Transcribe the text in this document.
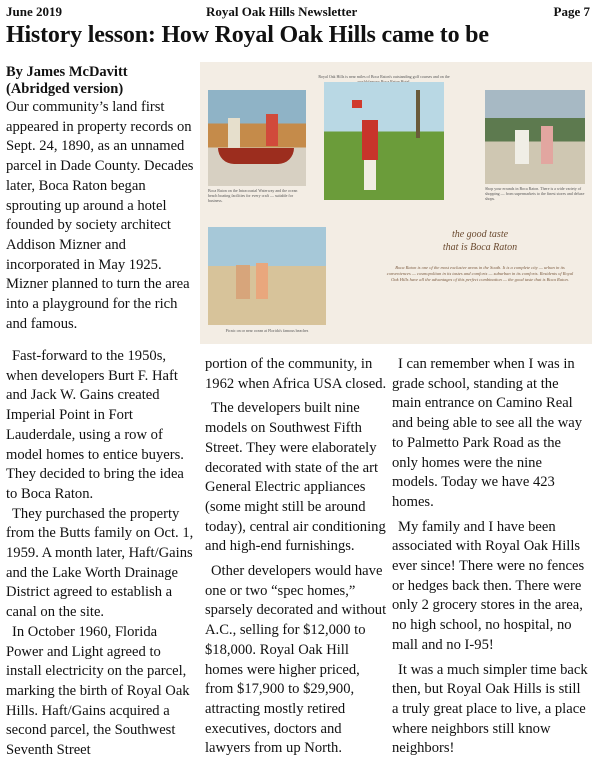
June 2019	Royal Oak Hills Newsletter	Page 7
History lesson: How Royal Oak Hills came to be
By James McDavitt
(Abridged version)
Boca Raton on the Intracoastal Waterway and the ocean beach boating facilities for every craft — suitable for business.
Royal Oak Hills is near miles of Boca Raton's outstanding golf courses and on the
Shop your errands in Boca Raton. There is a wide variety of shopping — from supermarkets to the finest stores and deluxe shops.
Picnic on or near ocean at Florida's famous beaches
the good taste
that is Boca Raton
Boca Raton is one of the most exclusive areas in the South. It is a complete city — urban in its conveniences — cosmopolitan in its tastes and comforts — suburban in its comforts. Residents of Royal Oak Hills have all the advantages of this perfect combination — the good taste that is Boca Raton.

Our community’s land first appeared in property records on Sept. 24, 1890, as an unnamed parcel in Dade County. Decades later, Boca Raton began sprouting up around a hotel founded by society architect Addison Mizner and incorporated in May 1925. Mizner planned to turn the area into a playground for the rich and famous.

Fast-forward to the 1950s, when developers Burt F. Haft and Jack W. Gains created Imperial Point in Fort Lauderdale, using a row of model homes to entice buyers. They decided to bring the idea to Boca Raton.

They purchased the property from the Butts family on Oct. 1, 1959. A month later, Haft/Gains and the Lake Worth Drainage District agreed to establish a canal on the site.

In October 1960, Florida Power and Light agreed to install electricity on the parcel, marking the birth of Royal Oak Hills. Haft/Gains acquired a second parcel, the Southwest Seventh Street

portion of the community, in 1962 when Africa USA closed.

The developers built nine models on Southwest Fifth Street. They were elaborately decorated with state of the art General Electric appliances (some might still be around today), central air conditioning and high-end furnishings.

Other developers would have one or two “spec homes,” sparsely decorated and without A.C., selling for $12,000 to $18,000. Royal Oak Hill homes were higher priced, from $17,900 to $29,900, attracting mostly retired executives, doctors and lawyers from up North.

I can remember when I was in grade school, standing at the main entrance on Camino Real and being able to see all the way to Palmetto Park Road as the only homes were the nine models. Today we have 423 homes.

My family and I have been associated with Royal Oak Hills ever since! There were no fences or hedges back then. There were only 2 grocery stores in the area, no high school, no hospital, no mall and no I-95!

It was a much simpler time back then, but Royal Oak Hills is still a truly great place to live, a place where neighbors still know neighbors!
